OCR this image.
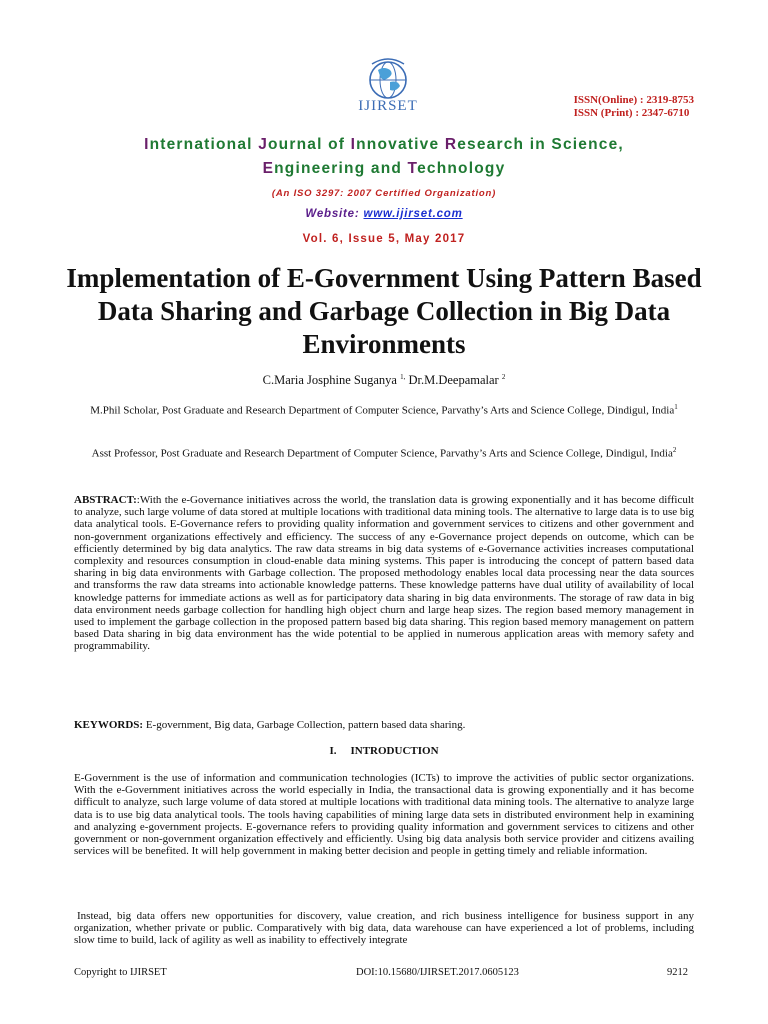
IJIRSET	ISSN(Online) : 2319-8753
ISSN (Print) : 2347-6710
International Journal of Innovative Research in Science,
Engineering and Technology
(An ISO 3297: 2007 Certified Organization)
Website: www.ijirset.com
Vol. 6, Issue 5, May 2017
Implementation of E-Government Using Pattern Based Data Sharing and Garbage Collection in Big Data Environments
C.Maria Josphine Suganya $^{1,}$ Dr.M.Deepamalar $^2$
M.Phil Scholar, Post Graduate and Research Department of Computer Science, Parvathy’s Arts and Science College, Dindigul, India$^1$
Asst Professor, Post Graduate and Research Department of Computer Science, Parvathy’s Arts and Science College, Dindigul, India$^2$
ABSTRACT::With the e-Governance initiatives across the world, the translation data is growing exponentially and it has become difficult to analyze, such large volume of data stored at multiple locations with traditional data mining tools. The alternative to large data is to use big data analytical tools. E-Governance refers to providing quality information and government services to citizens and other government and non-government organizations effectively and efficiency. The success of any e-Governance project depends on outcome, which can be efficiently determined by big data analytics. The raw data streams in big data systems of e-Governance activities increases computational complexity and resources consumption in cloud-enable data mining systems. This paper is introducing the concept of pattern based data sharing in big data environments with Garbage collection. The proposed methodology enables local data processing near the data sources and transforms the raw data streams into actionable knowledge patterns. These knowledge patterns have dual utility of availability of local knowledge patterns for immediate actions as well as for participatory data sharing in big data environments. The storage of raw data in big data environment needs garbage collection for handling high object churn and large heap sizes. The region based memory management in used to implement the garbage collection in the proposed pattern based big data sharing. This region based memory management on pattern based Data sharing in big data environment has the wide potential to be applied in numerous application areas with memory safety and programmability.
KEYWORDS: E-government, Big data, Garbage Collection, pattern based data sharing.
I. INTRODUCTION
E-Government is the use of information and communication technologies (ICTs) to improve the activities of public sector organizations. With the e-Government initiatives across the world especially in India, the transactional data is growing exponentially and it has become difficult to analyze, such large volume of data stored at multiple locations with traditional data mining tools. The alternative to analyze large data is to use big data analytical tools. The tools having capabilities of mining large data sets in distributed environment help in examining and analyzing e-government projects. E-governance refers to providing quality information and government services to citizens and other government or non-government organization effectively and efficiently. Using big data analysis both service provider and citizens availing services will be benefited. It will help government in making better decision and people in getting timely and reliable information.
Instead, big data offers new opportunities for discovery, value creation, and rich business intelligence for business support in any organization, whether private or public. Comparatively with big data, data warehouse can have experienced a lot of problems, including slow time to build, lack of agility as well as inability to effectively integrate
Copyright to IJIRSET	DOI:10.15680/IJIRSET.2017.0605123	9212
